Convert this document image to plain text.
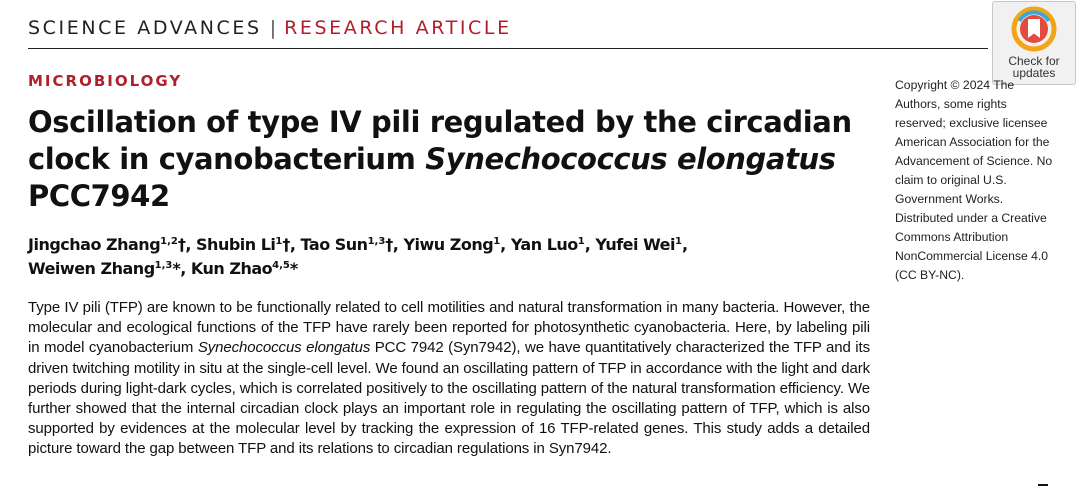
SCIENCE ADVANCES | RESEARCH ARTICLE
Check for
updates
MICROBIOLOGY
Oscillation of type IV pili regulated by the circadian clock in cyanobacterium Synechococcus elongatus PCC7942
Jingchao Zhang$^{1,2}$†, Shubin Li$^1$†, Tao Sun$^{1,3}$†, Yiwu Zong$^1$, Yan Luo$^1$, Yufei Wei$^1$,
Weiwen Zhang$^{1,3}$*, Kun Zhao$^{4,5}$*

Type IV pili (TFP) are known to be functionally related to cell motilities and natural transformation in many bacteria. However, the molecular and ecological functions of the TFP have rarely been reported for photosynthetic cyanobacteria. Here, by labeling pili in model cyanobacterium Synechococcus elongatus PCC 7942 (Syn7942), we have quantitatively characterized the TFP and its driven twitching motility in situ at the single-cell level. We found an oscillating pattern of TFP in accordance with the light and dark periods during light-dark cycles, which is correlated positively to the oscillating pattern of the natural transformation efficiency. We further showed that the internal circadian clock plays an important role in regulating the oscillating pattern of TFP, which is also supported by evidences at the molecular level by tracking the expression of 16 TFP-related genes. This study adds a detailed picture toward the gap between TFP and its relations to circadian regulations in Syn7942.

Copyright © 2024 The Authors, some rights reserved; exclusive licensee American Association for the Advancement of Science. No claim to original U.S. Government Works. Distributed under a Creative Commons Attribution NonCommercial License 4.0 (CC BY-NC).
